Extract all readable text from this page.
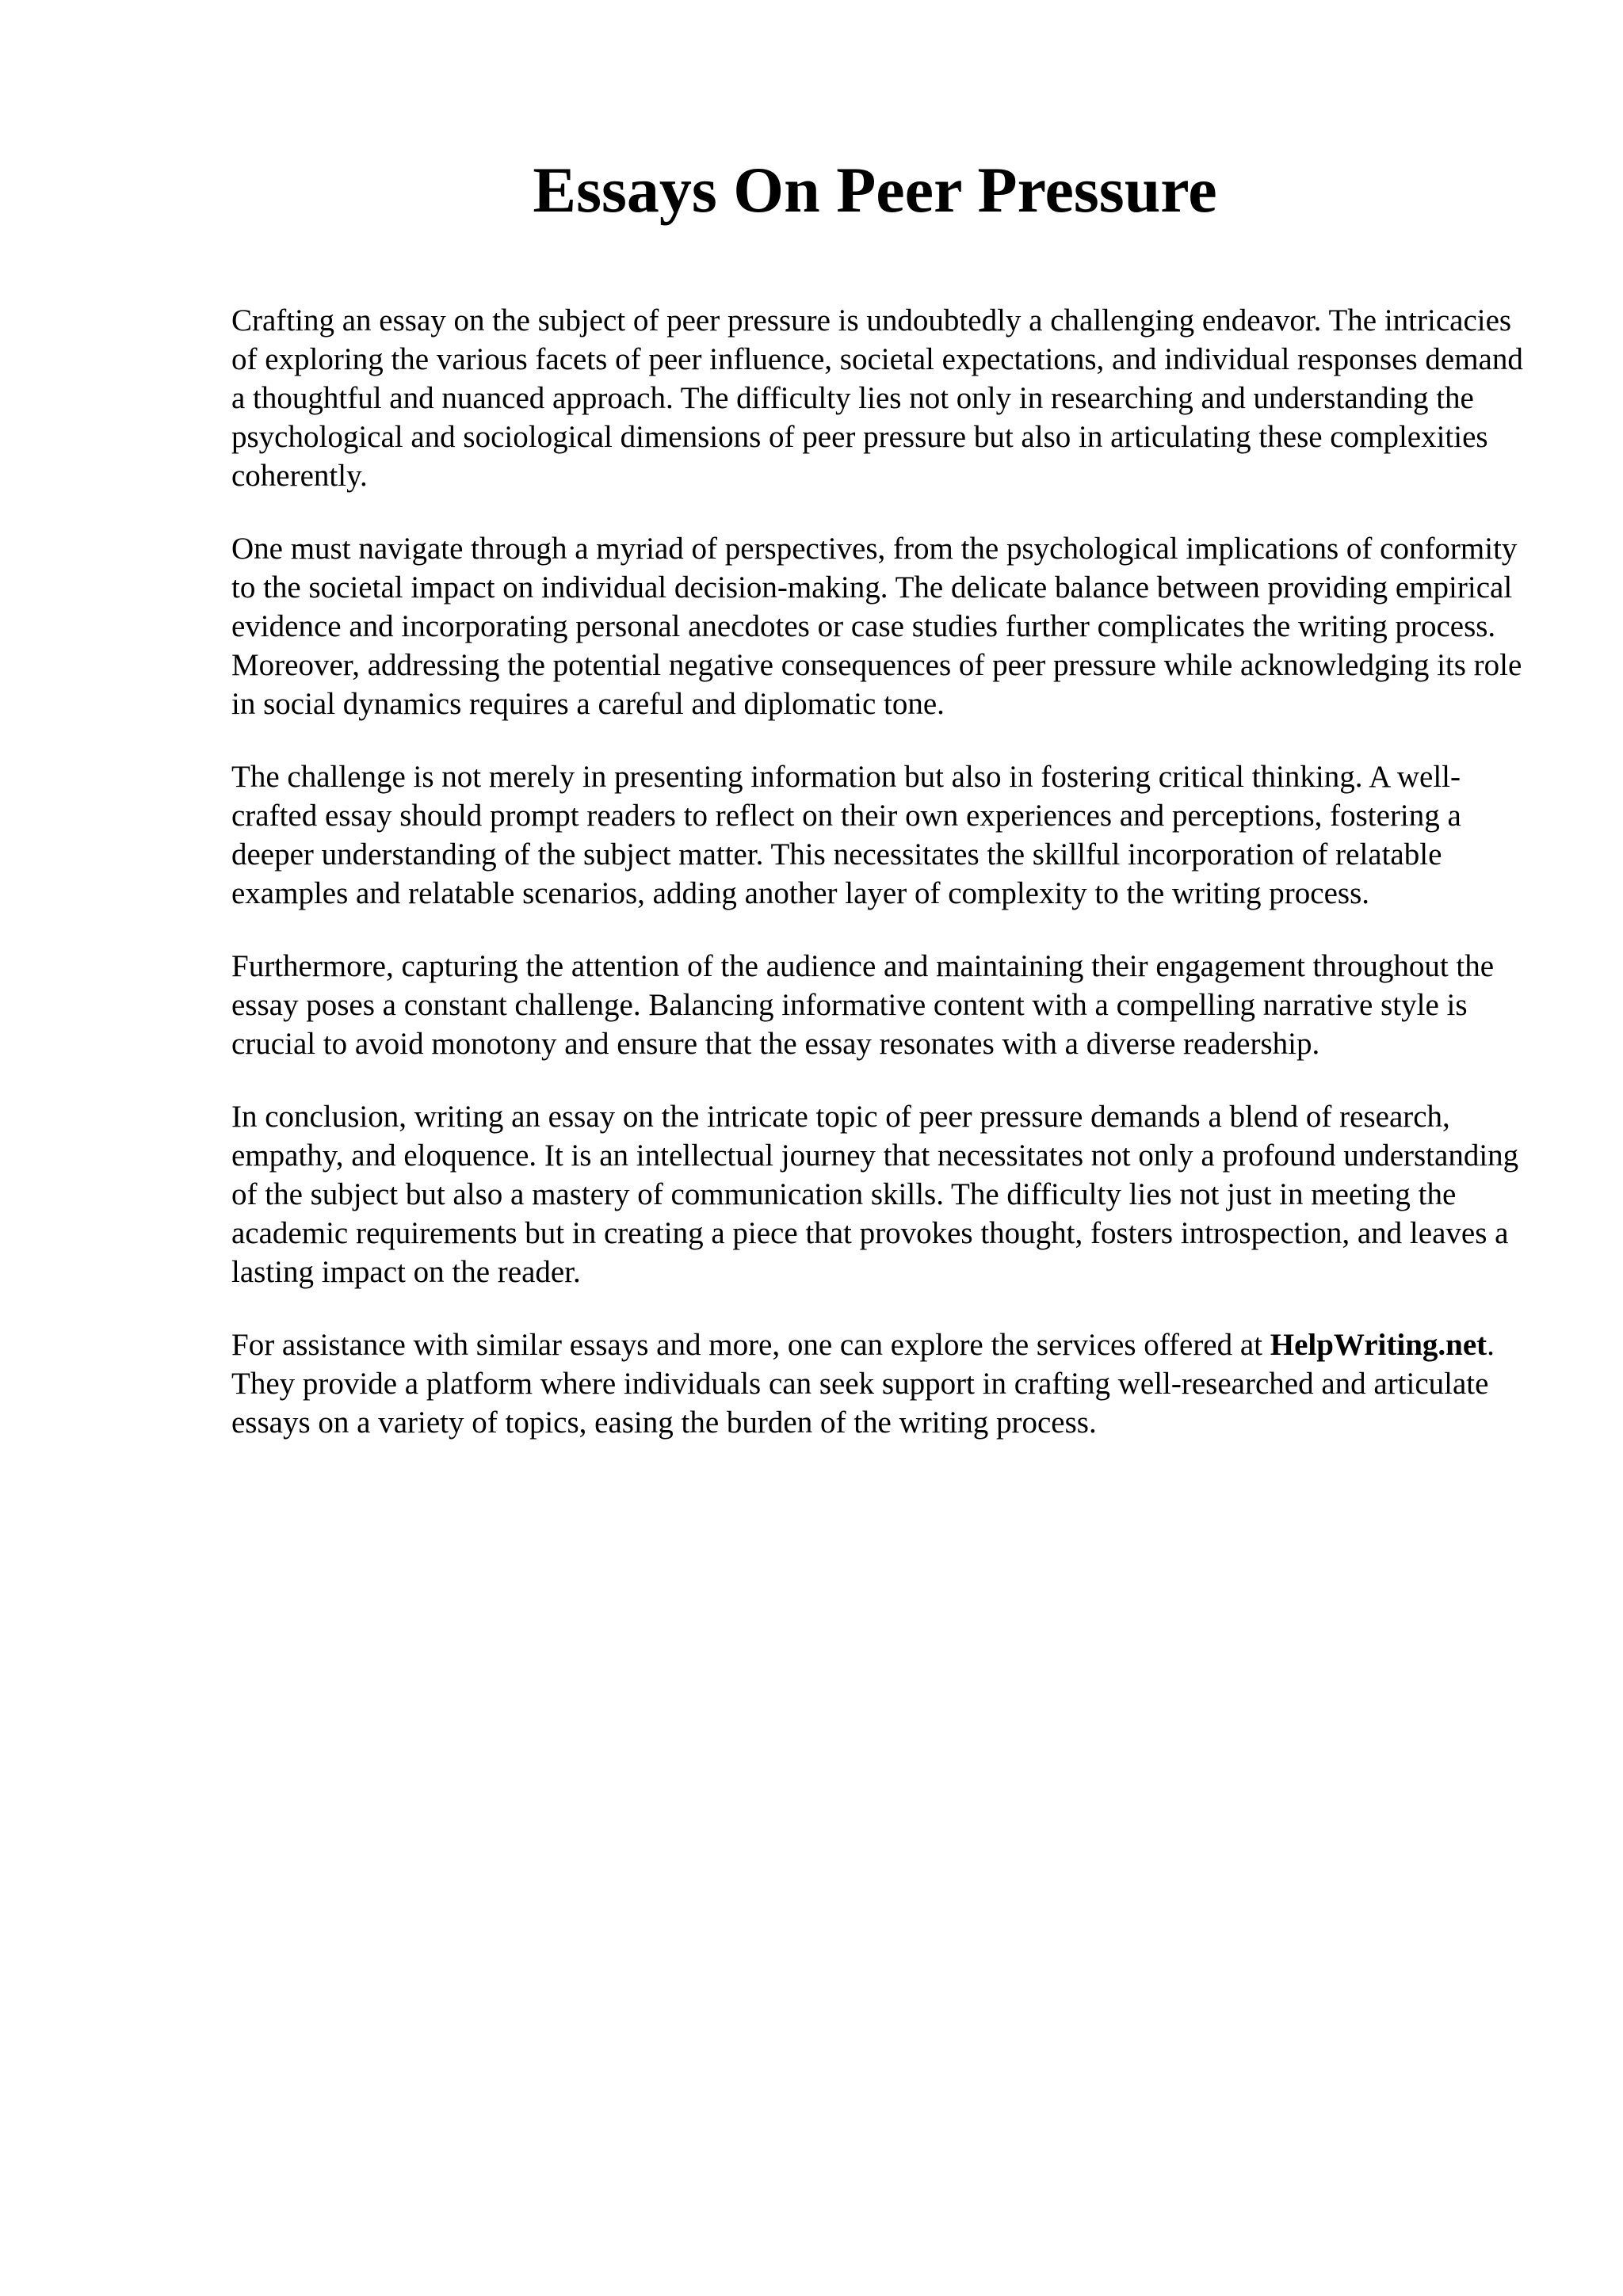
Essays On Peer Pressure

Crafting an essay on the subject of peer pressure is undoubtedly a challenging endeavor. The intricacies of exploring the various facets of peer influence, societal expectations, and individual responses demand a thoughtful and nuanced approach. The difficulty lies not only in researching and understanding the psychological and sociological dimensions of peer pressure but also in articulating these complexities coherently.

One must navigate through a myriad of perspectives, from the psychological implications of conformity to the societal impact on individual decision-making. The delicate balance between providing empirical evidence and incorporating personal anecdotes or case studies further complicates the writing process. Moreover, addressing the potential negative consequences of peer pressure while acknowledging its role in social dynamics requires a careful and diplomatic tone.

The challenge is not merely in presenting information but also in fostering critical thinking. A well-crafted essay should prompt readers to reflect on their own experiences and perceptions, fostering a deeper understanding of the subject matter. This necessitates the skillful incorporation of relatable examples and relatable scenarios, adding another layer of complexity to the writing process.

Furthermore, capturing the attention of the audience and maintaining their engagement throughout the essay poses a constant challenge. Balancing informative content with a compelling narrative style is crucial to avoid monotony and ensure that the essay resonates with a diverse readership.

In conclusion, writing an essay on the intricate topic of peer pressure demands a blend of research, empathy, and eloquence. It is an intellectual journey that necessitates not only a profound understanding of the subject but also a mastery of communication skills. The difficulty lies not just in meeting the academic requirements but in creating a piece that provokes thought, fosters introspection, and leaves a lasting impact on the reader.

For assistance with similar essays and more, one can explore the services offered at HelpWriting.net. They provide a platform where individuals can seek support in crafting well-researched and articulate essays on a variety of topics, easing the burden of the writing process.
